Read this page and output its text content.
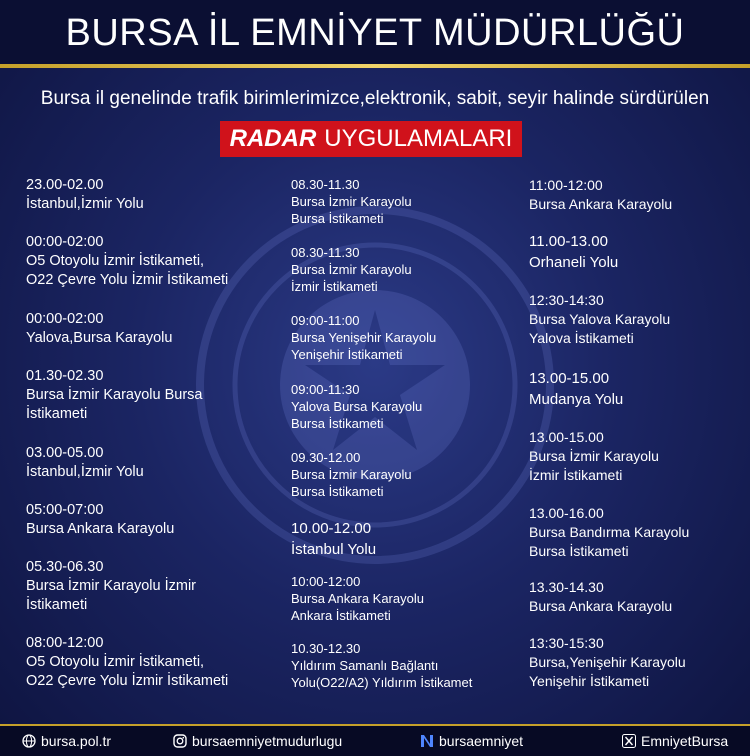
BURSA İL EMNİYET MÜDÜRLÜĞÜ
Bursa il genelinde trafik birimlerimizce,elektronik, sabit, seyir halinde sürdürülen
RADAR UYGULAMALARI
23.00-02.00
İstanbul,İzmir Yolu
00:00-02:00
O5 Otoyolu İzmir İstikameti,
O22 Çevre Yolu İzmir İstikameti
00:00-02:00
Yalova,Bursa Karayolu
01.30-02.30
Bursa İzmir Karayolu Bursa
İstikameti
03.00-05.00
İstanbul,İzmir Yolu
05:00-07:00
Bursa Ankara Karayolu
05.30-06.30
Bursa İzmir Karayolu İzmir
İstikameti
08:00-12:00
O5 Otoyolu İzmir İstikameti,
O22 Çevre Yolu İzmir İstikameti
08.30-11.30
Bursa İzmir Karayolu
Bursa İstikameti
08.30-11.30
Bursa İzmir Karayolu
İzmir İstikameti
09:00-11:00
Bursa Yenişehir Karayolu
Yenişehir İstikameti
09:00-11:30
Yalova Bursa Karayolu
Bursa İstikameti
09.30-12.00
Bursa İzmir Karayolu
Bursa İstikameti
10.00-12.00
İstanbul Yolu
10:00-12:00
Bursa Ankara Karayolu
Ankara İstikameti
10.30-12.30
Yıldırım Samanlı Bağlantı
Yolu(O22/A2) Yıldırım İstikamet
11:00-12:00
Bursa Ankara Karayolu
11.00-13.00
Orhaneli Yolu
12:30-14:30
Bursa Yalova Karayolu
Yalova İstikameti
13.00-15.00
Mudanya Yolu
13.00-15.00
Bursa İzmir Karayolu
İzmir İstikameti
13.00-16.00
Bursa Bandırma Karayolu
Bursa İstikameti
13.30-14.30
Bursa Ankara Karayolu
13:30-15:30
Bursa,Yenişehir Karayolu
Yenişehir İstikameti
bursa.pol.tr	bursaemniyetmudurlugu	bursaemniyet	EmniyetBursa
